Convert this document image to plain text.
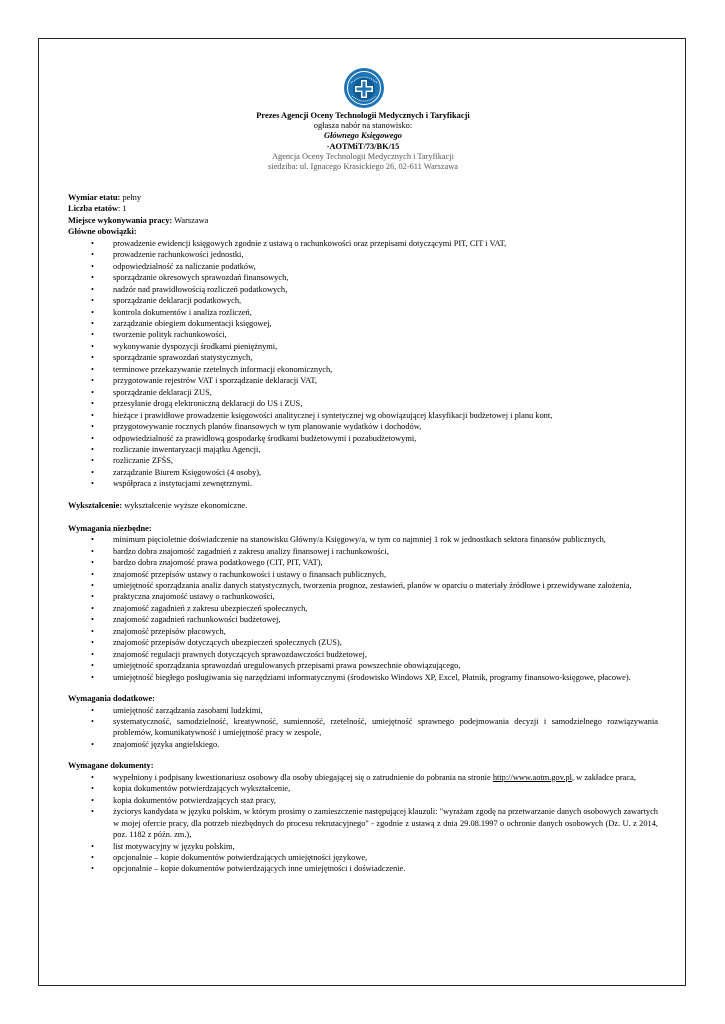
Prezes Agencji Oceny Technologii Medycznych i Taryfikacji
ogłasza nabór na stanowisko:
Głównego Księgowego
-AOTMiT/73/BK/15
Agencja Oceny Technologii Medycznych i Taryfikacji
siedziba: ul. Ignacego Krasickiego 26, 02-611 Warszawa
Wymiar etatu: pełny
Liczba etatów: 1
Miejsce wykonywania pracy: Warszawa
Główne obowiązki:
• prowadzenie ewidencji księgowych zgodnie z ustawą o rachunkowości oraz przepisami dotyczącymi PIT, CIT i VAT,
• prowadzenie rachunkowości jednostki,
• odpowiedzialność za naliczanie podatków,
• sporządzanie okresowych sprawozdań finansowych,
• nadzór nad prawidłowością rozliczeń podatkowych,
• sporządzanie deklaracji podatkowych,
• kontrola dokumentów i analiza rozliczeń,
• zarządzanie obiegiem dokumentacji księgowej,
• tworzenie polityk rachunkowości,
• wykonywanie dyspozycji środkami pieniężnymi,
• sporządzanie sprawozdań statystycznych,
• terminowe przekazywanie rzetelnych informacji ekonomicznych,
• przygotowanie rejestrów VAT i sporządzanie deklaracji VAT,
• sporządzanie deklaracji ZUS,
• przesyłanie drogą elektroniczną deklaracji do US i ZUS,
• bieżące i prawidłowe prowadzenie księgowości analitycznej i syntetycznej wg obowiązującej klasyfikacji budżetowej i planu kont,
• przygotowywanie rocznych planów finansowych w tym planowanie wydatków i dochodów,
• odpowiedzialność za prawidłową gospodarkę środkami budżetowymi i pozabudżetowymi,
• rozliczanie inwentaryzacji majątku Agencji,
• rozliczanie ZFŚS,
• zarządzanie Biurem Księgowości (4 osoby),
• współpraca z instytucjami zewnętrznymi.
Wykształcenie: wykształcenie wyższe ekonomiczne.
Wymagania niezbędne:
• minimum pięcioletnie doświadczenie na stanowisku Główny/a Księgowy/a, w tym co najmniej 1 rok w jednostkach sektora finansów publicznych,
• bardzo dobra znajomość zagadnień z zakresu analizy finansowej i rachunkowości,
• bardzo dobra znajomość prawa podatkowego (CIT, PIT, VAT),
• znajomość przepisów ustawy o rachunkowości i ustawy o finansach publicznych,
• umiejętność sporządzania analiz danych statystycznych, tworzenia prognoz, zestawień, planów w oparciu o materiały źródłowe i przewidywane założenia,
• praktyczna znajomość ustawy o rachunkowości,
• znajomość zagadnień z zakresu ubezpieczeń społecznych,
• znajomość zagadnień rachunkowości budżetowej,
• znajomość przepisów płacowych,
• znajomość przepisów dotyczących ubezpieczeń społecznych (ZUS),
• znajomość regulacji prawnych dotyczących sprawozdawczości budżetowej,
• umiejętność sporządzania sprawozdań uregulowanych przepisami prawa powszechnie obowiązującego,
• umiejętność biegłego posługiwania się narzędziami informatycznymi (środowisko Windows XP, Excel, Płatnik, programy finansowo-księgowe, płacowe).
Wymagania dodatkowe:
• umiejętność zarządzania zasobami ludzkimi,
• systematyczność, samodzielność, kreatywność, sumienność, rzetelność, umiejętność sprawnego podejmowania decyzji i samodzielnego rozwiązywania problemów, komunikatywność i umiejętność pracy w zespole,
• znajomość języka angielskiego.
Wymagane dokumenty:
• wypełniony i podpisany kwestionariusz osobowy dla osoby ubiegającej się o zatrudnienie do pobrania na stronie http://www.aotm.gov.pl, w zakładce praca,
• kopia dokumentów potwierdzających wykształcenie,
• kopia dokumentów potwierdzających staż pracy,
• życiorys kandydata w języku polskim, w którym prosimy o zamieszczenie następującej klauzuli: "wyrażam zgodę na przetwarzanie danych osobowych zawartych w mojej ofercie pracy, dla potrzeb niezbędnych do procesu rekrutacyjnego" - zgodnie z ustawą z dnia 29.08.1997 o ochronie danych osobowych (Dz. U. z 2014, poz. 1182 z późn. zm.),
• list motywacyjny w języku polskim,
• opcjonalnie – kopie dokumentów potwierdzających umiejętności językowe,
• opcjonalnie – kopie dokumentów potwierdzających inne umiejętności i doświadczenie.
